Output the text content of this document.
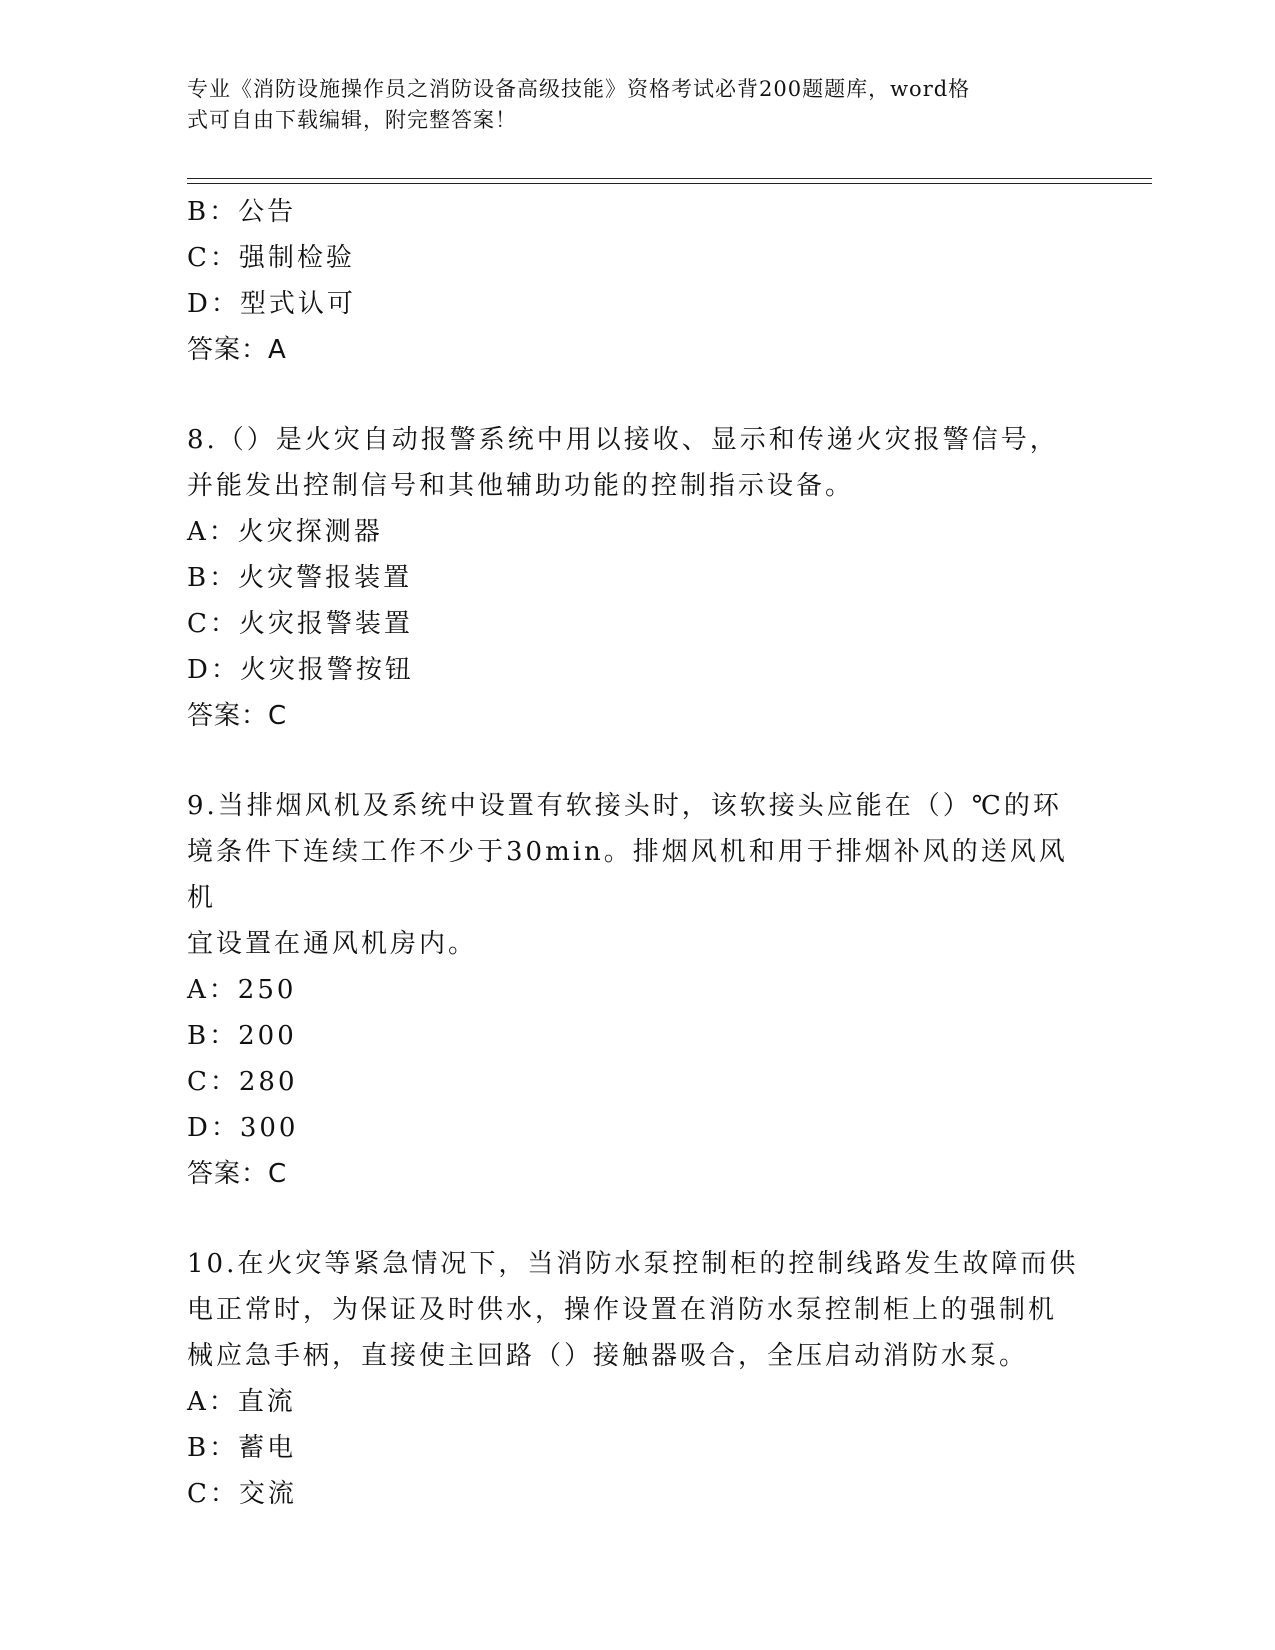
专业《消防设施操作员之消防设备高级技能》资格考试必背200题题库，word格
式可自由下载编辑，附完整答案！
B：公告
C：强制检验
D：型式认可
答案：A
8.（）是火灾自动报警系统中用以接收、显示和传递火灾报警信号，
并能发出控制信号和其他辅助功能的控制指示设备。
A：火灾探测器
B：火灾警报装置
C：火灾报警装置
D：火灾报警按钮
答案：C
9.当排烟风机及系统中设置有软接头时，该软接头应能在（）℃的环
境条件下连续工作不少于30min。排烟风机和用于排烟补风的送风风机
宜设置在通风机房内。
A：250
B：200
C：280
D：300
答案：C
10.在火灾等紧急情况下，当消防水泵控制柜的控制线路发生故障而供
电正常时，为保证及时供水，操作设置在消防水泵控制柜上的强制机
械应急手柄，直接使主回路（）接触器吸合，全压启动消防水泵。
A：直流
B：蓄电
C：交流
